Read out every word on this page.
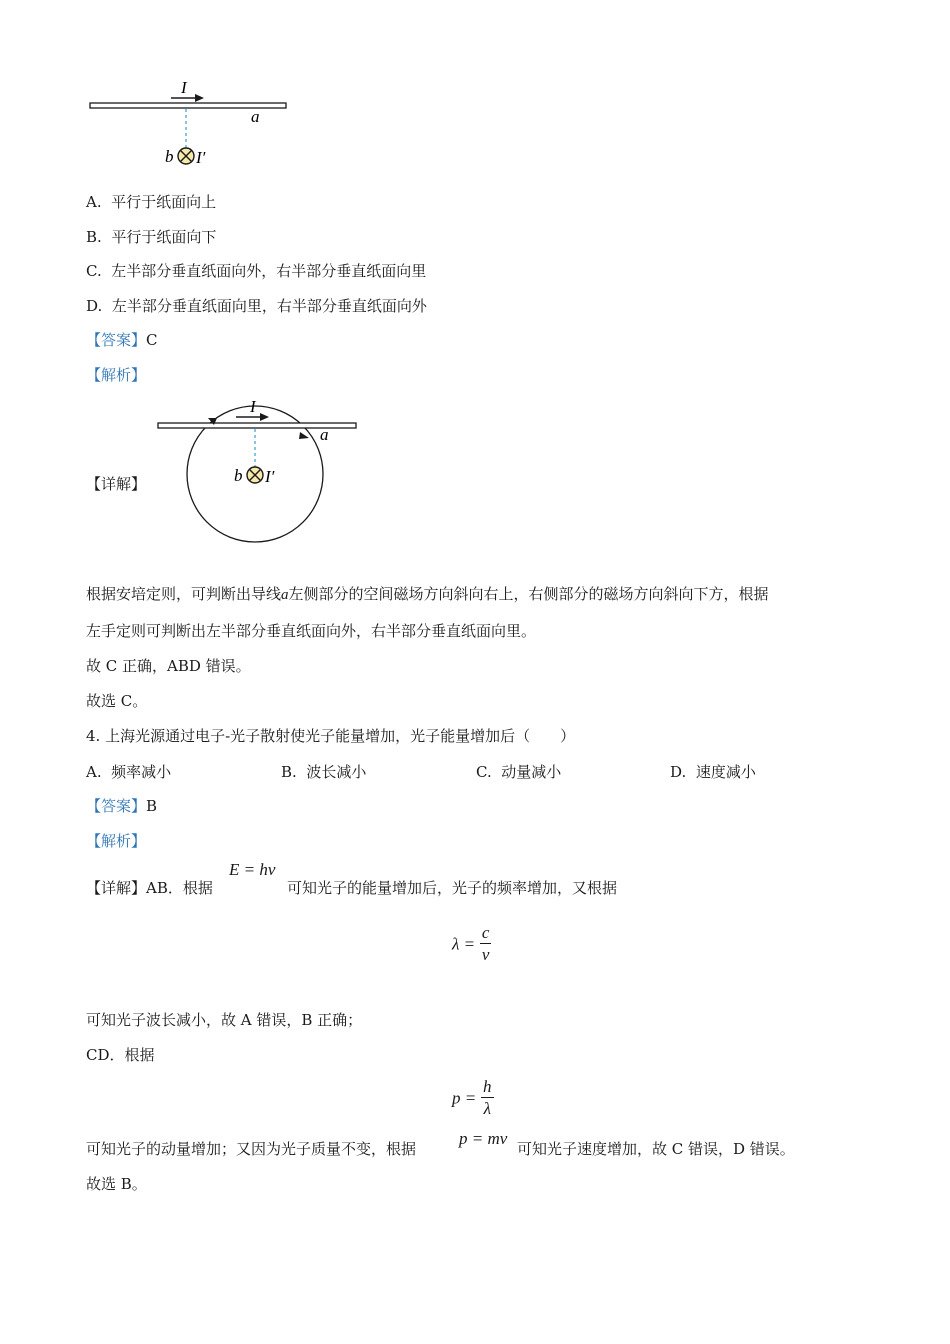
I
a
b I′
A. 平行于纸面向上
B. 平行于纸面向下
C. 左半部分垂直纸面向外，右半部分垂直纸面向里
D. 左半部分垂直纸面向里，右半部分垂直纸面向外
【答案】C
【解析】
【详解】
I
a
b I′
根据安培定则，可判断出导线a左侧部分的空间磁场方向斜向右上，右侧部分的磁场方向斜向下方，根据
左手定则可判断出左半部分垂直纸面向外，右半部分垂直纸面向里。
故 C 正确，ABD 错误。
故选 C。
4. 上海光源通过电子-光子散射使光子能量增加，光子能量增加后（　　）
A. 频率减小	B. 波长减小	C. 动量减小	D. 速度减小
【答案】B
【解析】
【详解】AB．根据
E = hν
可知光子的能量增加后，光子的频率增加，又根据
$\lambda = \frac{c}{\nu}$
可知光子波长减小，故 A 错误，B 正确；
CD．根据
$p = \frac{h}{\lambda}$
可知光子的动量增加；又因为光子质量不变，根据
p = mv
可知光子速度增加，故 C 错误，D 错误。
故选 B。
